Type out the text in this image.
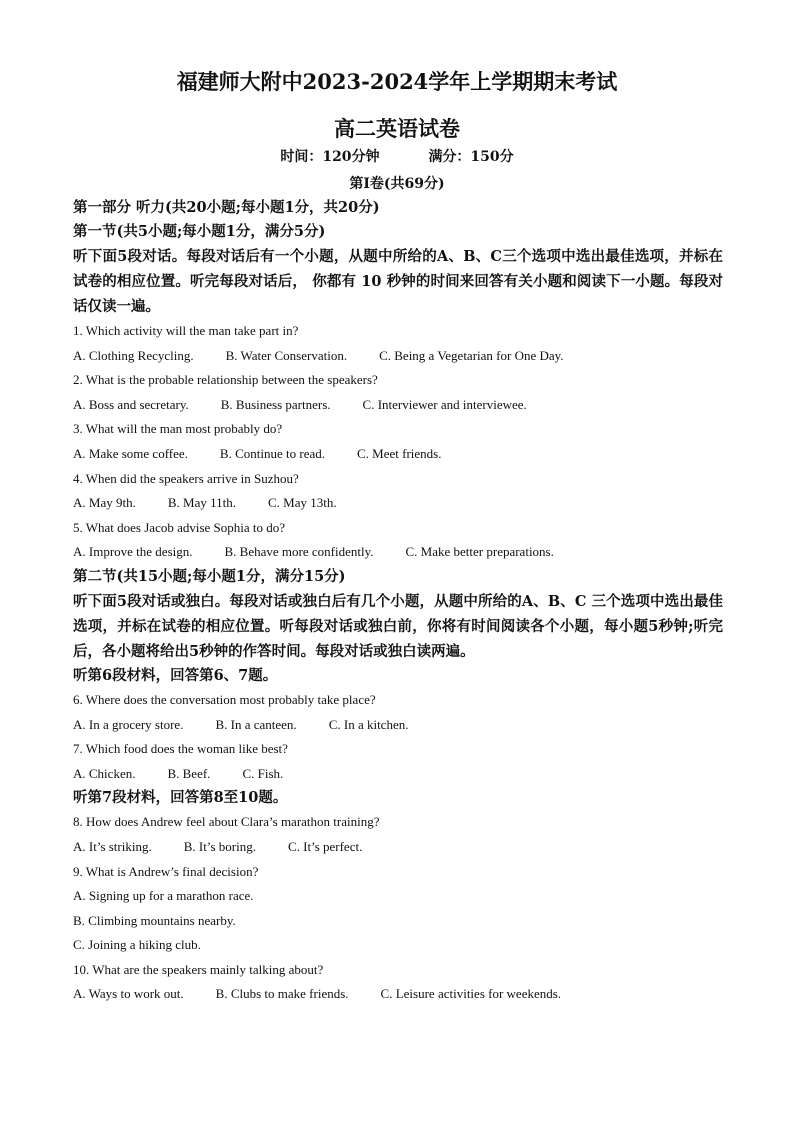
福建师大附中2023-2024学年上学期期末考试
高二英语试卷
时间：120分钟	满分：150分
第I卷(共69分)

第一部分 听力(共20小题;每小题1分，共20分)

第一节(共5小题;每小题1分，满分5分)

听下面5段对话。每段对话后有一个小题，从题中所给的A、B、C三个选项中选出最佳选项，并标在试卷的相应位置。听完每段对话后， 你都有 10 秒钟的时间来回答有关小题和阅读下一小题。每段对话仅读一遍。

1. Which activity will the man take part in?

A. Clothing Recycling. B. Water Conservation. C. Being a Vegetarian for One Day.

2. What is the probable relationship between the speakers?

A. Boss and secretary. B. Business partners. C. Interviewer and interviewee.

3. What will the man most probably do?

A. Make some coffee. B. Continue to read. C. Meet friends.

4. When did the speakers arrive in Suzhou?

A. May 9th. B. May 11th. C. May 13th.

5. What does Jacob advise Sophia to do?

A. Improve the design. B. Behave more confidently. C. Make better preparations.

第二节(共15小题;每小题1分，满分15分)

听下面5段对话或独白。每段对话或独白后有几个小题，从题中所给的A、B、C 三个选项中选出最佳选项，并标在试卷的相应位置。听每段对话或独白前，你将有时间阅读各个小题，每小题5秒钟;听完后，各小题将给出5秒钟的作答时间。每段对话或独白读两遍。

听第6段材料，回答第6、7题。

6. Where does the conversation most probably take place?

A. In a grocery store. B. In a canteen. C. In a kitchen.

7. Which food does the woman like best?

A. Chicken. B. Beef. C. Fish.

听第7段材料，回答第8至10题。

8. How does Andrew feel about Clara’s marathon training?

A. It’s striking. B. It’s boring. C. It’s perfect.

9. What is Andrew’s final decision?

A. Signing up for a marathon race.

B. Climbing mountains nearby.

C. Joining a hiking club.

10. What are the speakers mainly talking about?

A. Ways to work out. B. Clubs to make friends. C. Leisure activities for weekends.
